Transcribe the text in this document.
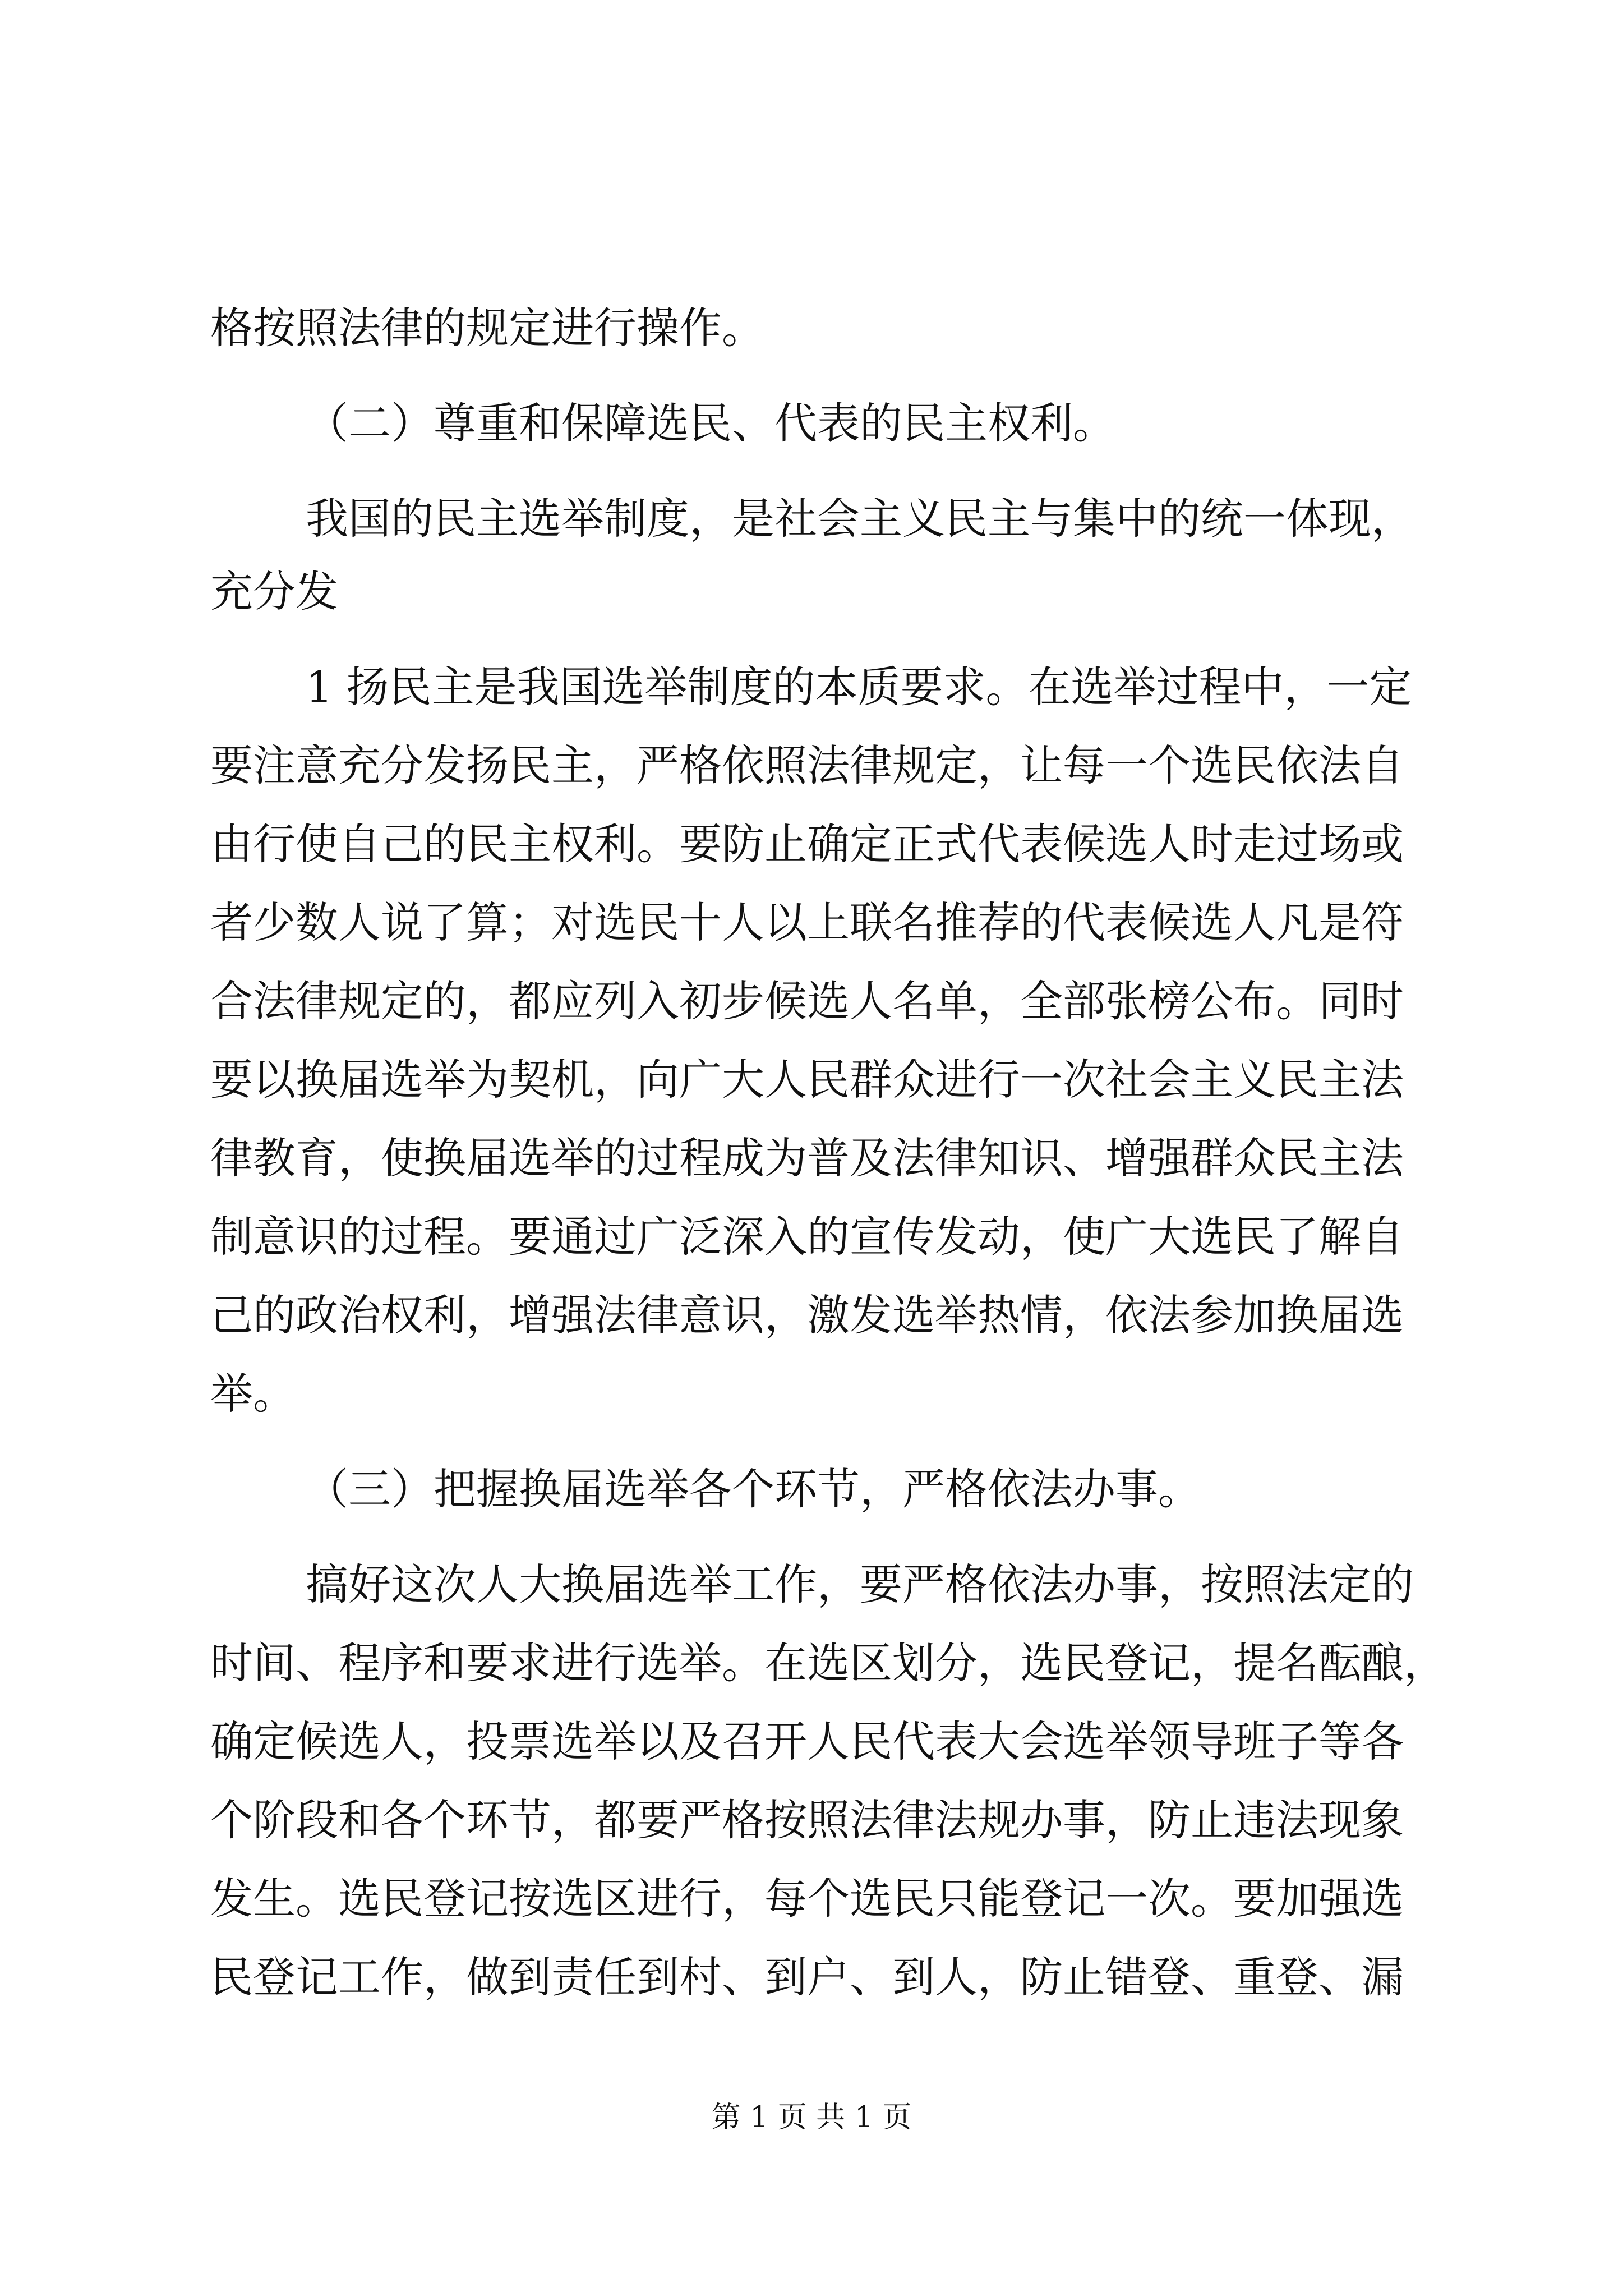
格按照法律的规定进行操作。
（二）尊重和保障选民、代表的民主权利。
我国的民主选举制度，是社会主义民主与集中的统一体现，
充分发
1 扬民主是我国选举制度的本质要求。在选举过程中，一定
要注意充分发扬民主，严格依照法律规定，让每一个选民依法自
由行使自己的民主权利。要防止确定正式代表候选人时走过场或
者少数人说了算；对选民十人以上联名推荐的代表候选人凡是符
合法律规定的，都应列入初步候选人名单，全部张榜公布。同时
要以换届选举为契机，向广大人民群众进行一次社会主义民主法
律教育，使换届选举的过程成为普及法律知识、增强群众民主法
制意识的过程。要通过广泛深入的宣传发动，使广大选民了解自
己的政治权利，增强法律意识，激发选举热情，依法参加换届选
举。
（三）把握换届选举各个环节，严格依法办事。
搞好这次人大换届选举工作，要严格依法办事，按照法定的
时间、程序和要求进行选举。在选区划分，选民登记，提名酝酿，
确定候选人，投票选举以及召开人民代表大会选举领导班子等各
个阶段和各个环节，都要严格按照法律法规办事，防止违法现象
发生。选民登记按选区进行，每个选民只能登记一次。要加强选
民登记工作，做到责任到村、到户、到人，防止错登、重登、漏
第 1 页 共 1 页
